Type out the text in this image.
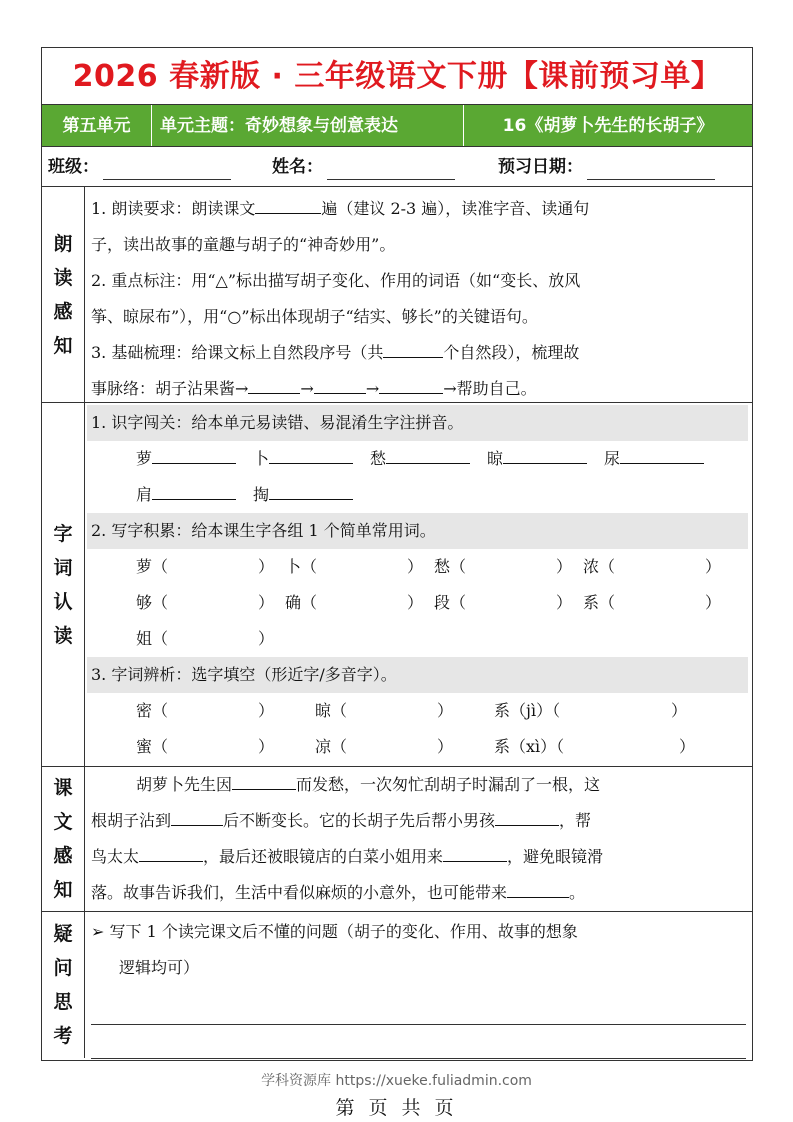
2026 春新版 · 三年级语文下册【课前预习单】
第五单元	单元主题：奇妙想象与创意表达	16《胡萝卜先生的长胡子》
班级：	姓名：	预习日期：
朗
读
感
知
1. 朗读要求：朗读课文	遍（建议 2-3 遍），读准字音、读通句
子，读出故事的童趣与胡子的“神奇妙用”。
2. 重点标注：用“△”标出描写胡子变化、作用的词语（如“变长、放风
筝、晾尿布”），用“○”标出体现胡子“结实、够长”的关键语句。
3. 基础梳理：给课文标上自然段序号（共	个自然段），梳理故
事脉络：胡子沾果酱→	→	→	→帮助自己。
字
词
认
读
1. 识字闯关：给本单元易读错、易混淆生字注拼音。
萝	卜	愁	晾	尿
肩	掏
2. 写字积累：给本课生字各组 1 个简单常用词。
萝（	） 卜（	） 愁（	） 浓（	）
够（	） 确（	） 段（	） 系（	）
姐（	）
3. 字词辨析：选字填空（形近字/多音字）。
密（	）	晾（	）	系（jì）（	）
蜜（	）	凉（	）	系（xì）（	）
课
文
感
知
胡萝卜先生因	而发愁，一次匆忙刮胡子时漏刮了一根，这
根胡子沾到	后不断变长。它的长胡子先后帮小男孩	，帮
鸟太太	，最后还被眼镜店的白菜小姐用来	，避免眼镜滑
落。故事告诉我们，生活中看似麻烦的小意外，也可能带来	。
疑
问
思
考
➢ 写下 1 个读完课文后不懂的问题（胡子的变化、作用、故事的想象
逻辑均可）
学科资源库 https://xueke.fuliadmin.com
第 页 共 页
